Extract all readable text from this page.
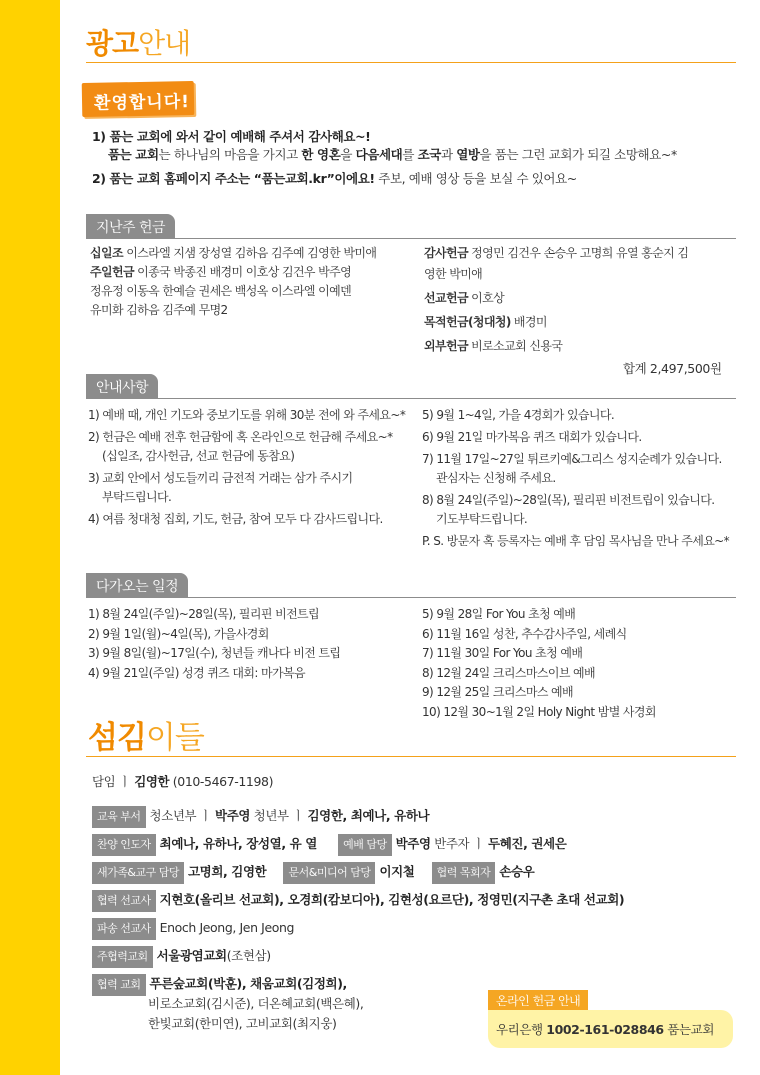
광고안내
환영합니다!
1) 품는 교회에 와서 같이 예배해 주셔서 감사해요~!
품는 교회는 하나님의 마음을 가지고 한 영혼을 다음세대를 조국과 열방을 품는 그런 교회가 되길 소망해요~*
2) 품는 교회 홈페이지 주소는 “품는교회.kr”이에요! 주보, 예배 영상 등을 보실 수 있어요~
지난주 헌금
십일조 이스라엘 지샘 장성열 김하음 김주예 김영한 박미애
주일헌금 이종국 박종진 배경미 이호상 김건우 박주영
정유정 이동옥 한예슬 권세은 백성옥 이스라엘 이예덴
유미화 김하음 김주예 무명2
감사헌금 정영민 김건우 손승우 고명희 유열 홍순지 김
영한 박미애
선교헌금 이호상
목적헌금(청대청) 배경미
외부헌금 비로소교회 신용국
합계 2,497,500원
안내사항
1) 예배 때, 개인 기도와 중보기도를 위해 30분 전에 와 주세요~*
2) 헌금은 예배 전후 헌금함에 혹 온라인으로 헌금해 주세요~*
(십일조, 감사헌금, 선교 헌금에 동참요)
3) 교회 안에서 성도들끼리 금전적 거래는 삼가 주시기
부탁드립니다.
4) 여름 청대청 집회, 기도, 헌금, 참여 모두 다 감사드립니다.
5) 9월 1~4일, 가을 4경회가 있습니다.
6) 9월 21일 마가복음 퀴즈 대회가 있습니다.
7) 11월 17일~27일 튀르키예&그리스 성지순례가 있습니다.
관심자는 신청해 주세요.
8) 8월 24일(주일)~28일(목), 필리핀 비전트립이 있습니다.
기도부탁드립니다.
P. S. 방문자 혹 등록자는 예배 후 담임 목사님을 만나 주세요~*
다가오는 일정
1) 8월 24일(주일)~28일(목), 필리핀 비전트립
2) 9월 1일(월)~4일(목), 가을사경회
3) 9월 8일(월)~17일(수), 청년들 캐나다 비전 트립
4) 9월 21일(주일) 성경 퀴즈 대회: 마가복음
5) 9월 28일 For You 초청 예배
6) 11월 16일 성찬, 추수감사주일, 세례식
7) 11월 30일 For You 초청 예배
8) 12월 24일 크리스마스이브 예배
9) 12월 25일 크리스마스 예배
10) 12월 30~1월 2일 Holy Night 밤별 사경회
섬김이들
담임 ㅣ 김영한 (010-5467-1198)
교육 부서 청소년부 ㅣ 박주영 청년부 ㅣ 김영한, 최예나, 유하나
찬양 인도자 최예나, 유하나, 장성열, 유 열 예배 담당 박주영 반주자 ㅣ 두혜진, 권세은
새가족&교구 담당 고명희, 김영한 문서&미디어 담당 이지철 협력 목회자 손승우
협력 선교사 지현호(올리브 선교회), 오경희(캄보디아), 김현성(요르단), 정영민(지구촌 초대 선교회)
파송 선교사 Enoch Jeong, Jen Jeong
주협력교회 서울광염교회(조현삼)
협력 교회 푸른숲교회(박훈), 채움교회(김정희),
비로소교회(김시준), 더온혜교회(백은혜),
한빛교회(한미연), 고비교회(최지웅)
온라인 헌금 안내
우리은행 1002-161-028846 품는교회
